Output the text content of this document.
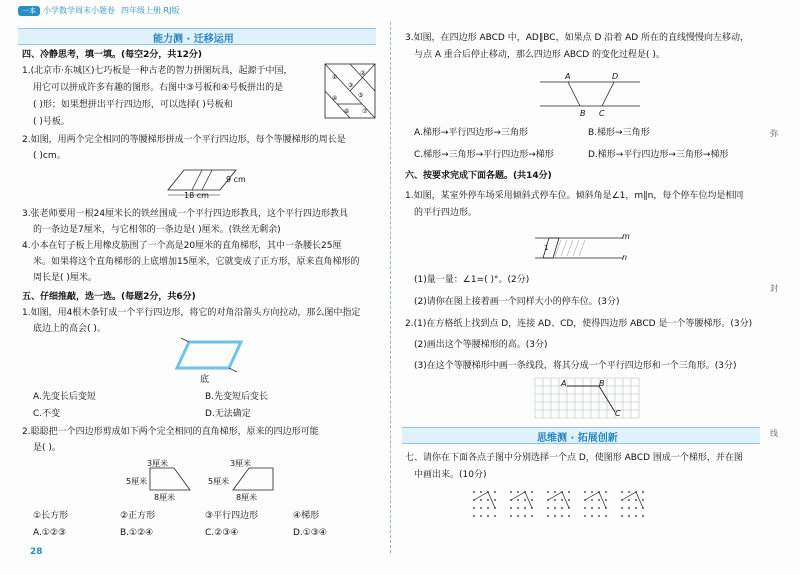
一本 小学数学周末小题卷 四年级上册 RJ版
能力测 · 迁移运用
四、冷静思考，填一填。(每空2分，共12分)
1.(北京市·东城区)七巧板是一种古老的智力拼图玩具，起源于中国，
用它可以拼成许多有趣的图形。右图中③号板和④号板拼出的是
( )形；如果想拼出平行四边形，可以选择( )号板和
( )号板。
①
②
③
④	⑤
⑥ ⑦
2.如图，用两个完全相同的等腰梯形拼成一个平行四边形，每个等腰梯形的周长是
( )cm。
9 cm
18 cm
3.张老师要用一根24厘米长的铁丝围成一个平行四边形教具，这个平行四边形教具
的一条边是7厘米，与它相邻的一条边是( )厘米。(铁丝无剩余)
4.小本在钉子板上用橡皮筋围了一个高是20厘米的直角梯形，其中一条腰长25厘
米。如果将这个直角梯形的上底增加15厘米，它就变成了正方形，原来直角梯形的
周长是( )厘米。
五、仔细推敲，选一选。(每题2分，共6分)
1.如图，用4根木条钉成一个平行四边形，将它的对角沿箭头方向拉动，那么图中指定
底边上的高会( )。
底
A.先变长后变短	B.先变短后变长
C.不变	D.无法确定
2.聪聪把一个四边形剪成如下两个完全相同的直角梯形，原来的四边形可能
是( )。
3厘米
5厘米
8厘米
3厘米
5厘米
8厘米
①长方形	②正方形	③平行四边形	④梯形
A.①②③	B.①②④	C.②③④	D.①③④
28
3.如图，在四边形 ABCD 中，AD∥BC，如果点 D 沿着 AD 所在的直线慢慢向左移动，
与点 A 重合后停止移动，那么四边形 ABCD 的变化过程是( )。
A	D
B C
A.梯形→平行四边形→三角形	B.梯形→三角形
C.梯形→三角形→平行四边形→梯形	D.梯形→平行四边形→三角形→梯形
六、按要求完成下面各题。(共14分)
1.如图，某室外停车场采用倾斜式停车位。倾斜角是∠1，m∥n，每个停车位均是相同
的平行四边形。
m
n
1
(1)量一量：∠1=( )°。(2分)
(2)请你在图上接着画一个同样大小的停车位。(3分)
2.(1)在方格纸上找到点 D，连接 AD、CD，使得四边形 ABCD 是一个等腰梯形。(3分)
(2)画出这个等腰梯形的高。(3分)
(3)在这个等腰梯形中画一条线段，将其分成一个平行四边形和一个三角形。(3分)
A	B
C
思维测 · 拓展创新
七、请你在下面各点子图中分别选择一个点 D，使图形 ABCD 围成一个梯形，并在图
中画出来。(10分)
弥
封
线
